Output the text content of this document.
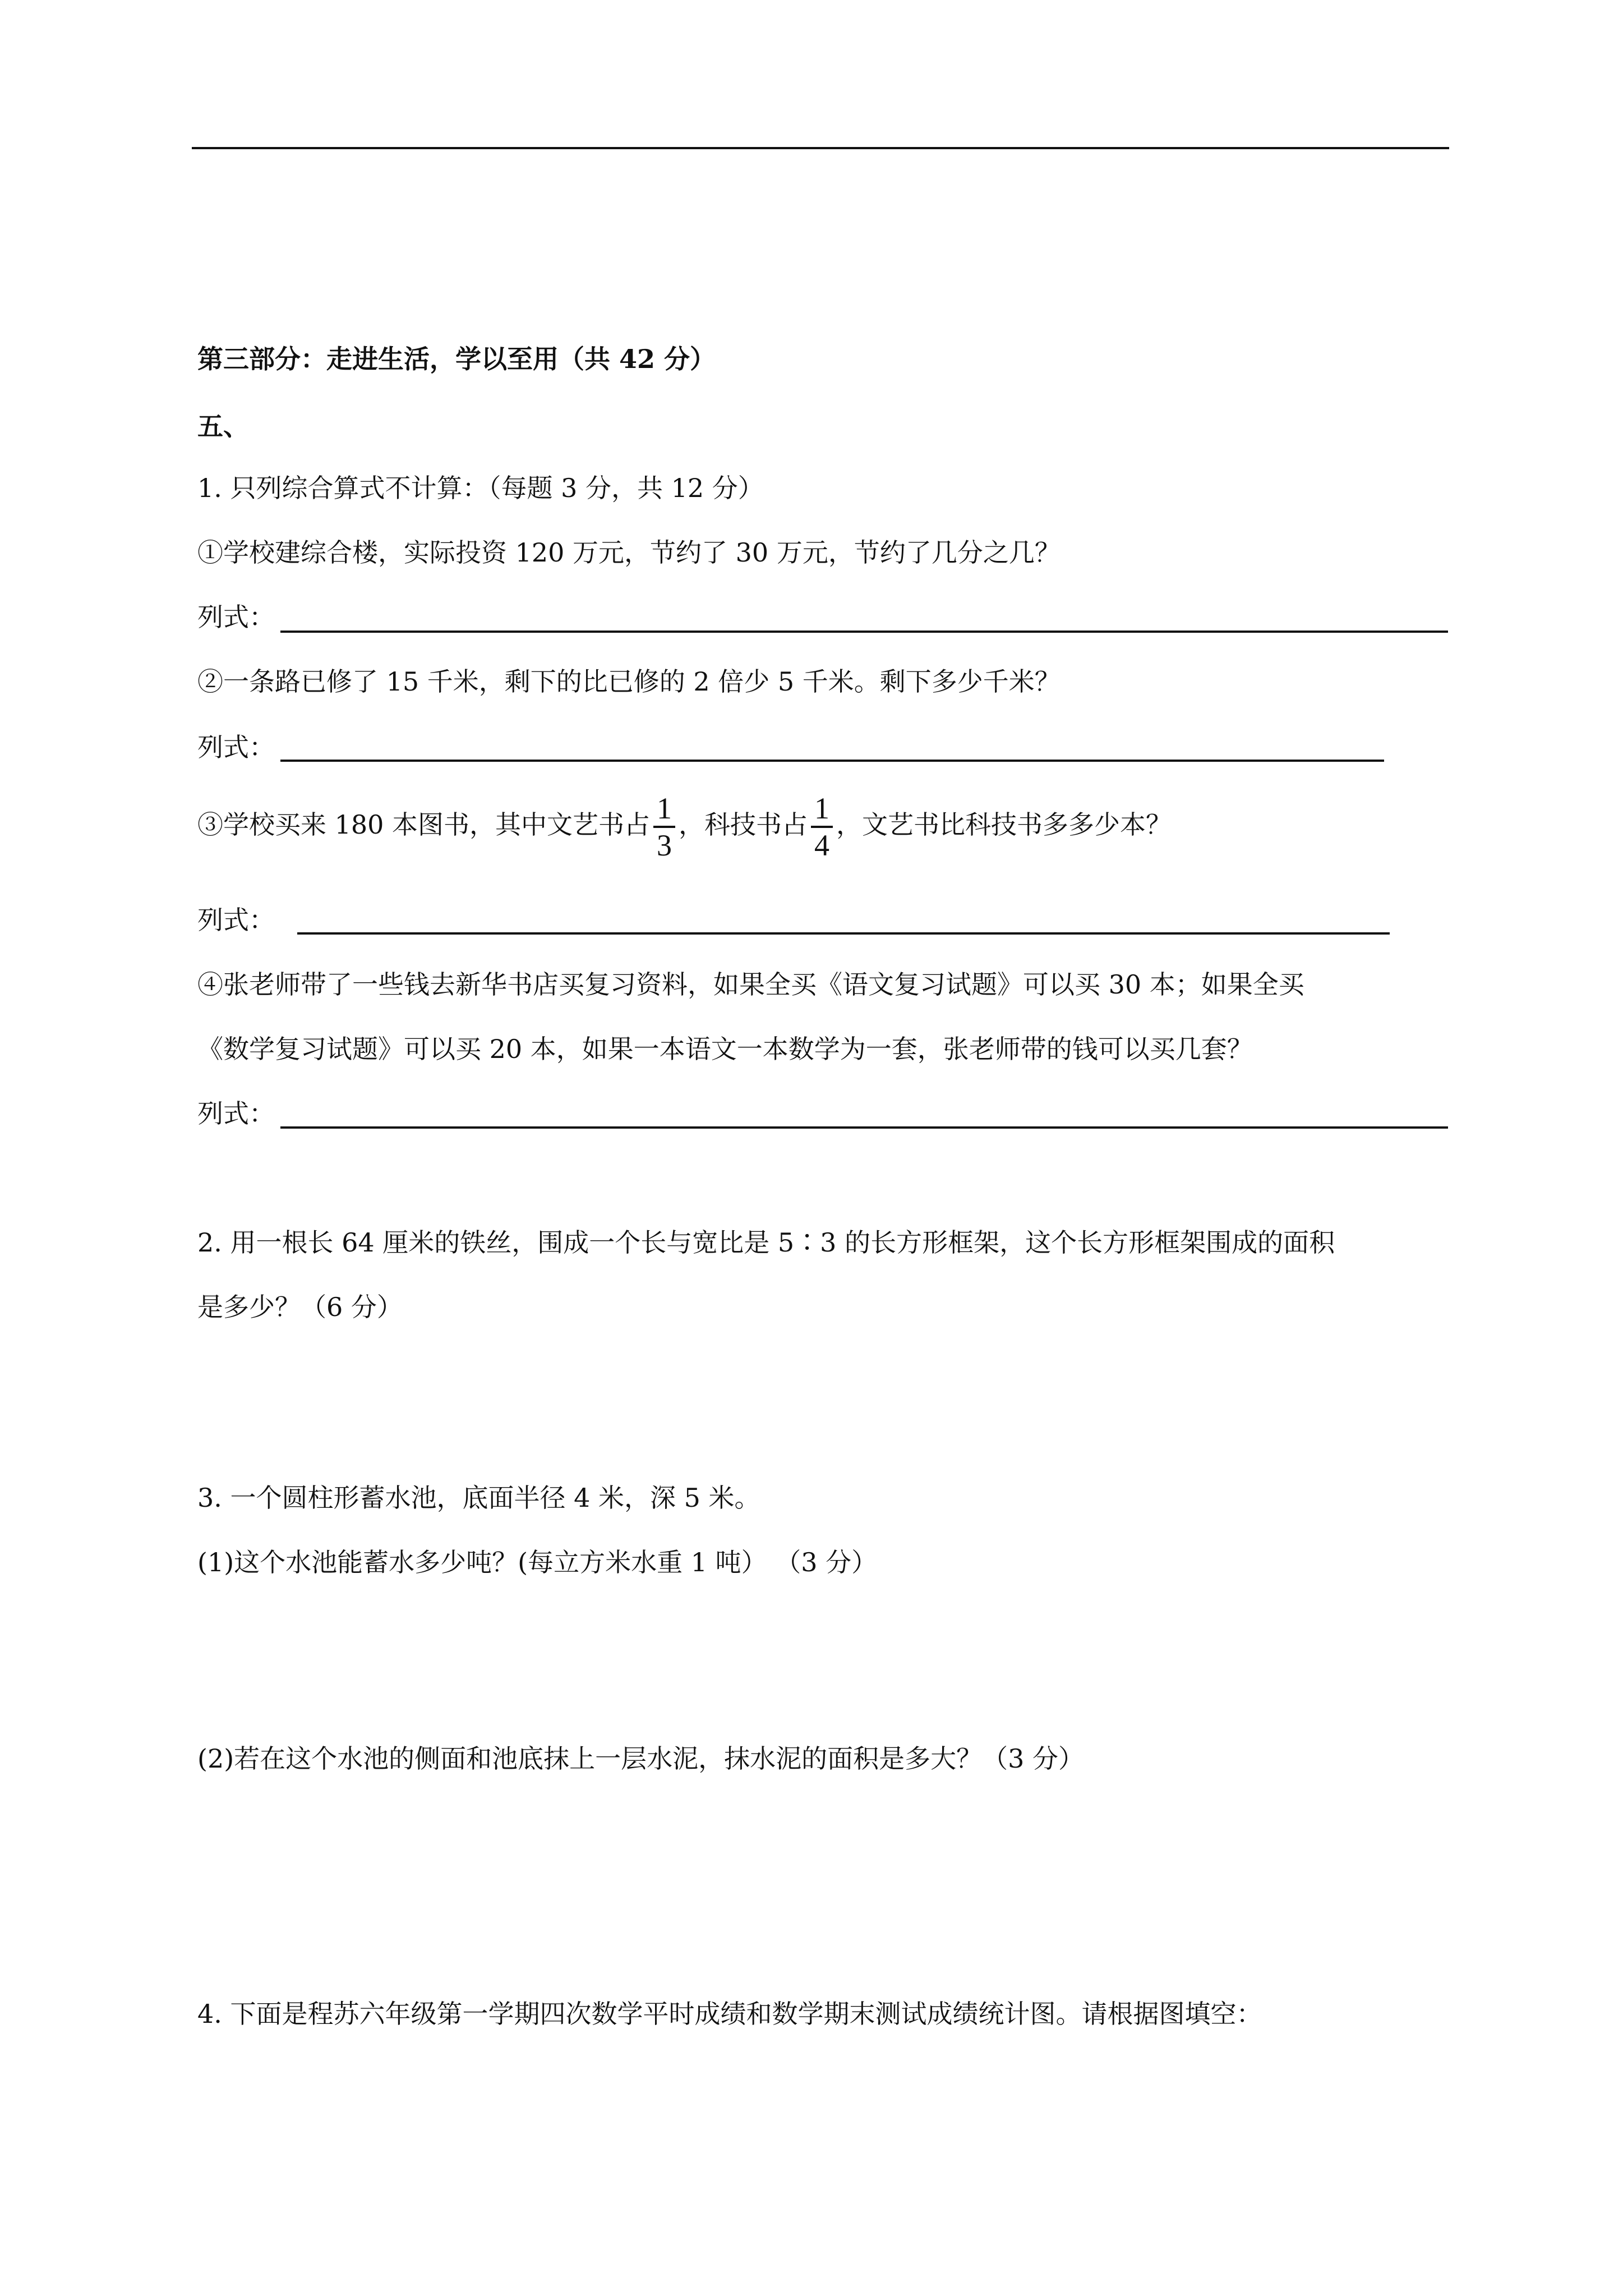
第三部分：走进生活，学以至用（共 42 分）
五、
1. 只列综合算式不计算：（每题 3 分，共 12 分）
①学校建综合楼，实际投资 120 万元，节约了 30 万元，节约了几分之几？
列式：
②一条路已修了 15 千米，剩下的比已修的 2 倍少 5 千米。剩下多少千米？
列式：
③学校买来 180 本图书，其中文艺书占 $\frac{1}{3}$ ，科技书占 $\frac{1}{4}$ ，文艺书比科技书多多少本？
列式：
④张老师带了一些钱去新华书店买复习资料，如果全买《语文复习试题》可以买 30 本；如果全买
《数学复习试题》可以买 20 本，如果一本语文一本数学为一套，张老师带的钱可以买几套？
列式：
2. 用一根长 64 厘米的铁丝，围成一个长与宽比是 5∶3 的长方形框架，这个长方形框架围成的面积
是多少？（6 分）
3. 一个圆柱形蓄水池，底面半径 4 米，深 5 米。
(1)这个水池能蓄水多少吨？(每立方米水重 1 吨） （3 分）
(2)若在这个水池的侧面和池底抹上一层水泥，抹水泥的面积是多大？（3 分）
4. 下面是程苏六年级第一学期四次数学平时成绩和数学期末测试成绩统计图。请根据图填空：
